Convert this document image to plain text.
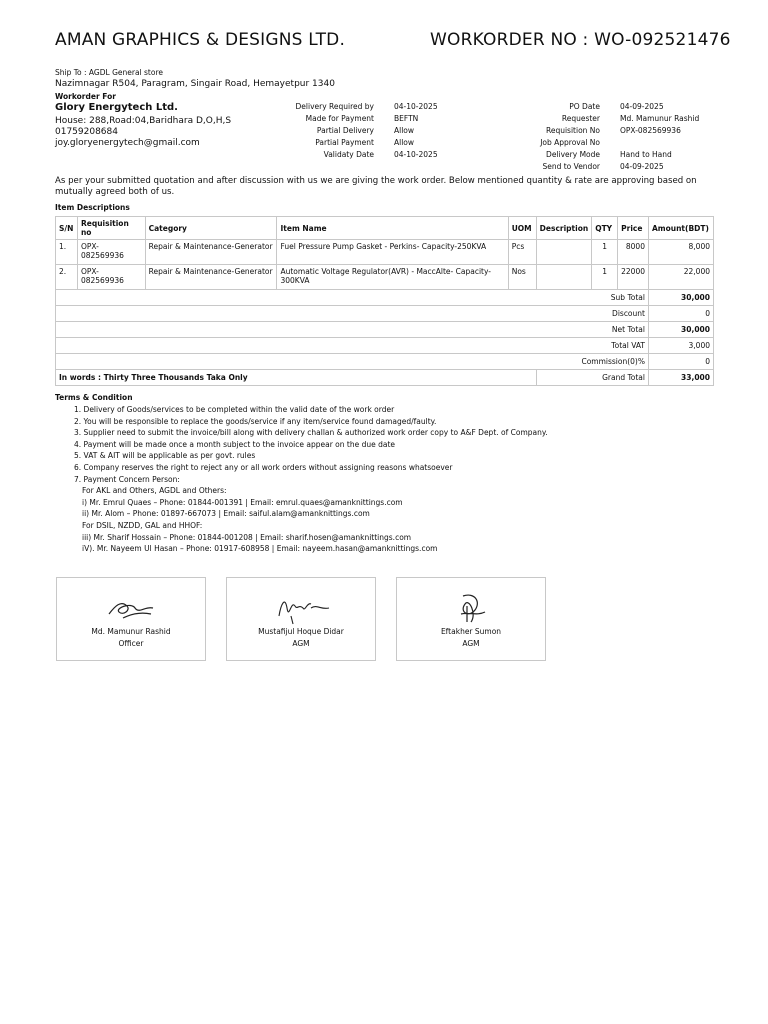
AMAN GRAPHICS & DESIGNS LTD.	WORKORDER NO : WO-092521476
Ship To : AGDL General store
Nazimnagar R504, Paragram, Singair Road, Hemayetpur 1340
Workorder For
Glory Energytech Ltd.
House: 288,Road:04,Baridhara D,O,H,S
01759208684
joy.gloryenergytech@gmail.com
Delivery Required by	04-10-2025
Made for Payment	BEFTN
Partial Delivery	Allow
Partial Payment	Allow
Validaty Date	04-10-2025
PO Date	04-09-2025
Requester	Md. Mamunur Rashid
Requisition No	OPX-082569936
Job Approval No
Delivery Mode	Hand to Hand
Send to Vendor	04-09-2025
As per your submitted quotation and after discussion with us we are giving the work order. Below mentioned quantity & rate are approving based on mutually agreed both of us.
Item Descriptions
S/N	Requisition no	Category	Item Name	UOM	Description	QTY	Price	Amount(BDT)
1.	OPX-082569936	Repair & Maintenance-Generator	Fuel Pressure Pump Gasket - Perkins- Capacity-250KVA	Pcs		1	8000	8,000
2.	OPX-082569936	Repair & Maintenance-Generator	Automatic Voltage Regulator(AVR) - MaccAlte- Capacity-300KVA	Nos		1	22000	22,000
Sub Total								30,000
Discount								0
Net Total								30,000
Total VAT								3,000
Commission(0)%								0
In words : Thirty Three Thousands Taka Only					Grand Total			33,000
Terms & Condition
1. Delivery of Goods/services to be completed within the valid date of the work order
2. You will be responsible to replace the goods/service if any item/service found damaged/faulty.
3. Supplier need to submit the invoice/bill along with delivery challan & authorized work order copy to A&F Dept. of Company.
4. Payment will be made once a month subject to the invoice appear on the due date
5. VAT & AIT will be applicable as per govt. rules
6. Company reserves the right to reject any or all work orders without assigning reasons whatsoever
7. Payment Concern Person:
For AKL and Others, AGDL and Others:
i) Mr. Emrul Quaes – Phone: 01844-001391 | Email: emrul.quaes@amanknittings.com
ii) Mr. Alom – Phone: 01897-667073 | Email: saiful.alam@amanknittings.com
For DSIL, NZDD, GAL and HHOF:
iii) Mr. Sharif Hossain – Phone: 01844-001208 | Email: sharif.hosen@amanknittings.com
iV). Mr. Nayeem Ul Hasan – Phone: 01917-608958 | Email: nayeem.hasan@amanknittings.com
Md. Mamunur Rashid
Officer
Mustafijul Hoque Didar
AGM
Eftakher Sumon
AGM
